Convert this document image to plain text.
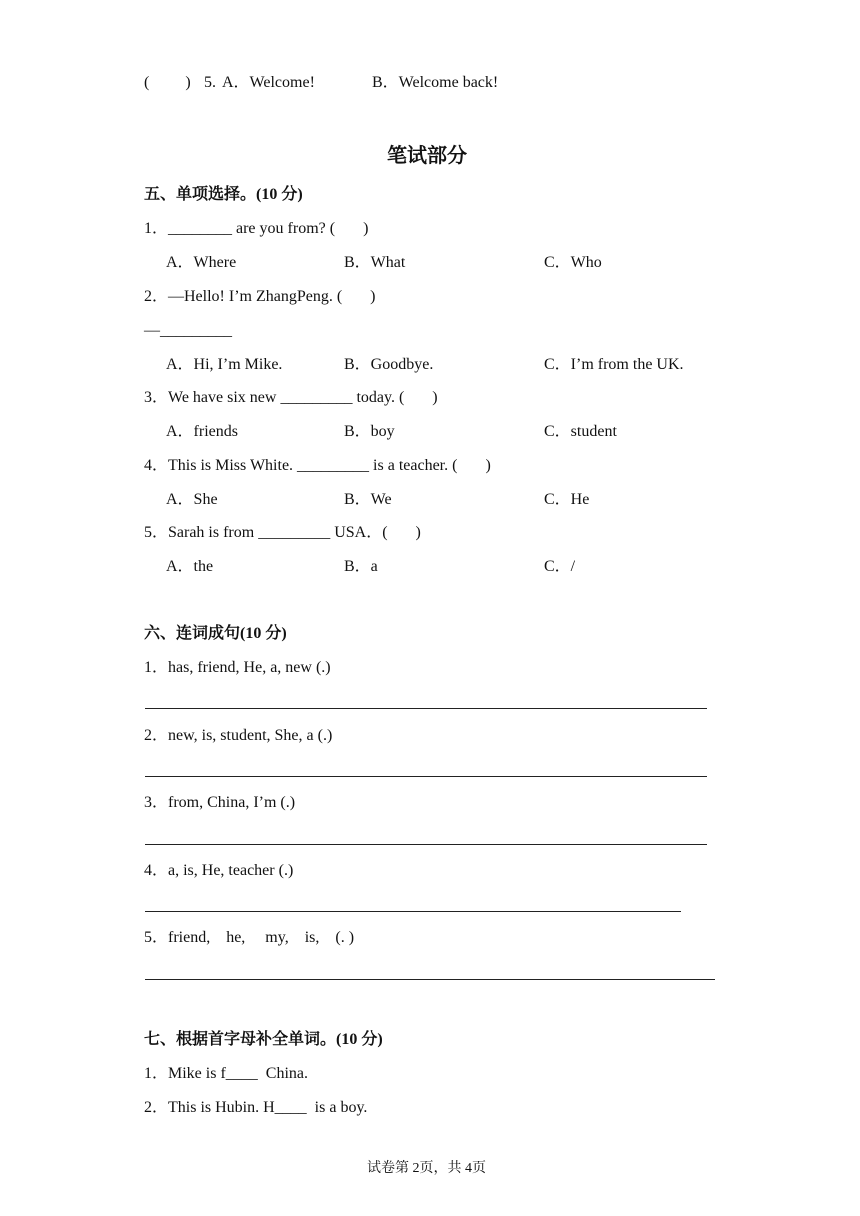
(         ) 5. A．Welcome!	B．Welcome back!
笔试部分
五、单项选择。(10 分)
1．________ are you from? (       )
A．Where	B．What	C．Who
2．—Hello! I’m ZhangPeng. (       )
—_________
A．Hi, I’m Mike.	B．Goodbye.	C．I’m from the UK.
3．We have six new _________ today. (       )
A．friends	B．boy	C．student
4．This is Miss White. _________ is a teacher. (       )
A．She	B．We	C．He
5．Sarah is from _________ USA．(       )
A．the	B．a	C．/
六、连词成句(10 分)
1．has, friend, He, a, new (.)
2．new, is, student, She, a (.)
3．from, China, I’m (.)
4．a, is, He, teacher (.)
5．friend,    he,     my,    is,    (. )
七、根据首字母补全单词。(10 分)
1．Mike is f____  China.
2．This is Hubin. H____  is a boy.
试卷第 2页，共 4页
